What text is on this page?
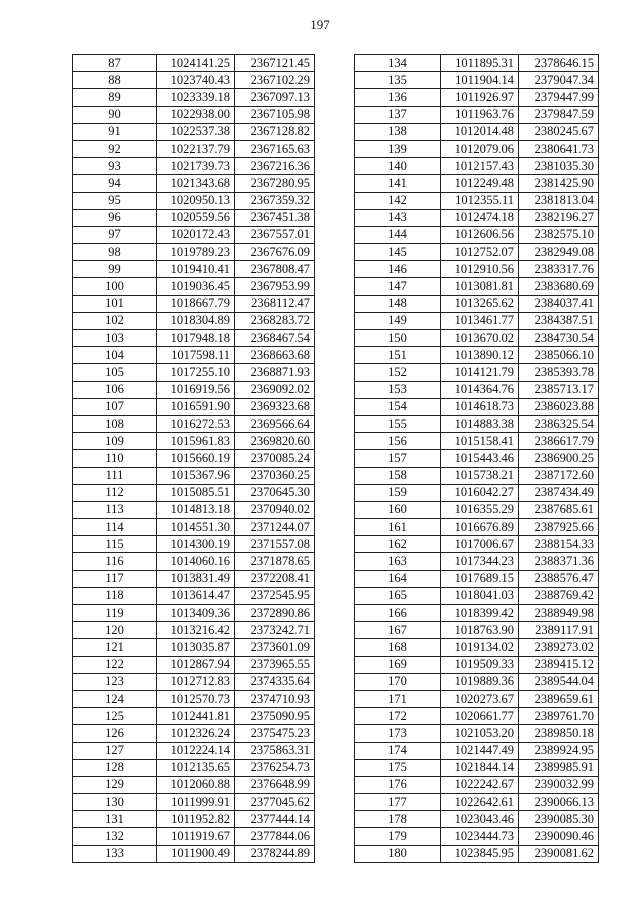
197
87	1024141.25	2367121.45
88	1023740.43	2367102.29
89	1023339.18	2367097.13
90	1022938.00	2367105.98
91	1022537.38	2367128.82
92	1022137.79	2367165.63
93	1021739.73	2367216.36
94	1021343.68	2367280.95
95	1020950.13	2367359.32
96	1020559.56	2367451.38
97	1020172.43	2367557.01
98	1019789.23	2367676.09
99	1019410.41	2367808.47
100	1019036.45	2367953.99
101	1018667.79	2368112.47
102	1018304.89	2368283.72
103	1017948.18	2368467.54
104	1017598.11	2368663.68
105	1017255.10	2368871.93
106	1016919.56	2369092.02
107	1016591.90	2369323.68
108	1016272.53	2369566.64
109	1015961.83	2369820.60
110	1015660.19	2370085.24
111	1015367.96	2370360.25
112	1015085.51	2370645.30
113	1014813.18	2370940.02
114	1014551.30	2371244.07
115	1014300.19	2371557.08
116	1014060.16	2371878.65
117	1013831.49	2372208.41
118	1013614.47	2372545.95
119	1013409.36	2372890.86
120	1013216.42	2373242.71
121	1013035.87	2373601.09
122	1012867.94	2373965.55
123	1012712.83	2374335.64
124	1012570.73	2374710.93
125	1012441.81	2375090.95
126	1012326.24	2375475.23
127	1012224.14	2375863.31
128	1012135.65	2376254.73
129	1012060.88	2376648.99
130	1011999.91	2377045.62
131	1011952.82	2377444.14
132	1011919.67	2377844.06
133	1011900.49	2378244.89
134	1011895.31	2378646.15
135	1011904.14	2379047.34
136	1011926.97	2379447.99
137	1011963.76	2379847.59
138	1012014.48	2380245.67
139	1012079.06	2380641.73
140	1012157.43	2381035.30
141	1012249.48	2381425.90
142	1012355.11	2381813.04
143	1012474.18	2382196.27
144	1012606.56	2382575.10
145	1012752.07	2382949.08
146	1012910.56	2383317.76
147	1013081.81	2383680.69
148	1013265.62	2384037.41
149	1013461.77	2384387.51
150	1013670.02	2384730.54
151	1013890.12	2385066.10
152	1014121.79	2385393.78
153	1014364.76	2385713.17
154	1014618.73	2386023.88
155	1014883.38	2386325.54
156	1015158.41	2386617.79
157	1015443.46	2386900.25
158	1015738.21	2387172.60
159	1016042.27	2387434.49
160	1016355.29	2387685.61
161	1016676.89	2387925.66
162	1017006.67	2388154.33
163	1017344.23	2388371.36
164	1017689.15	2388576.47
165	1018041.03	2388769.42
166	1018399.42	2388949.98
167	1018763.90	2389117.91
168	1019134.02	2389273.02
169	1019509.33	2389415.12
170	1019889.36	2389544.04
171	1020273.67	2389659.61
172	1020661.77	2389761.70
173	1021053.20	2389850.18
174	1021447.49	2389924.95
175	1021844.14	2389985.91
176	1022242.67	2390032.99
177	1022642.61	2390066.13
178	1023043.46	2390085.30
179	1023444.73	2390090.46
180	1023845.95	2390081.62
